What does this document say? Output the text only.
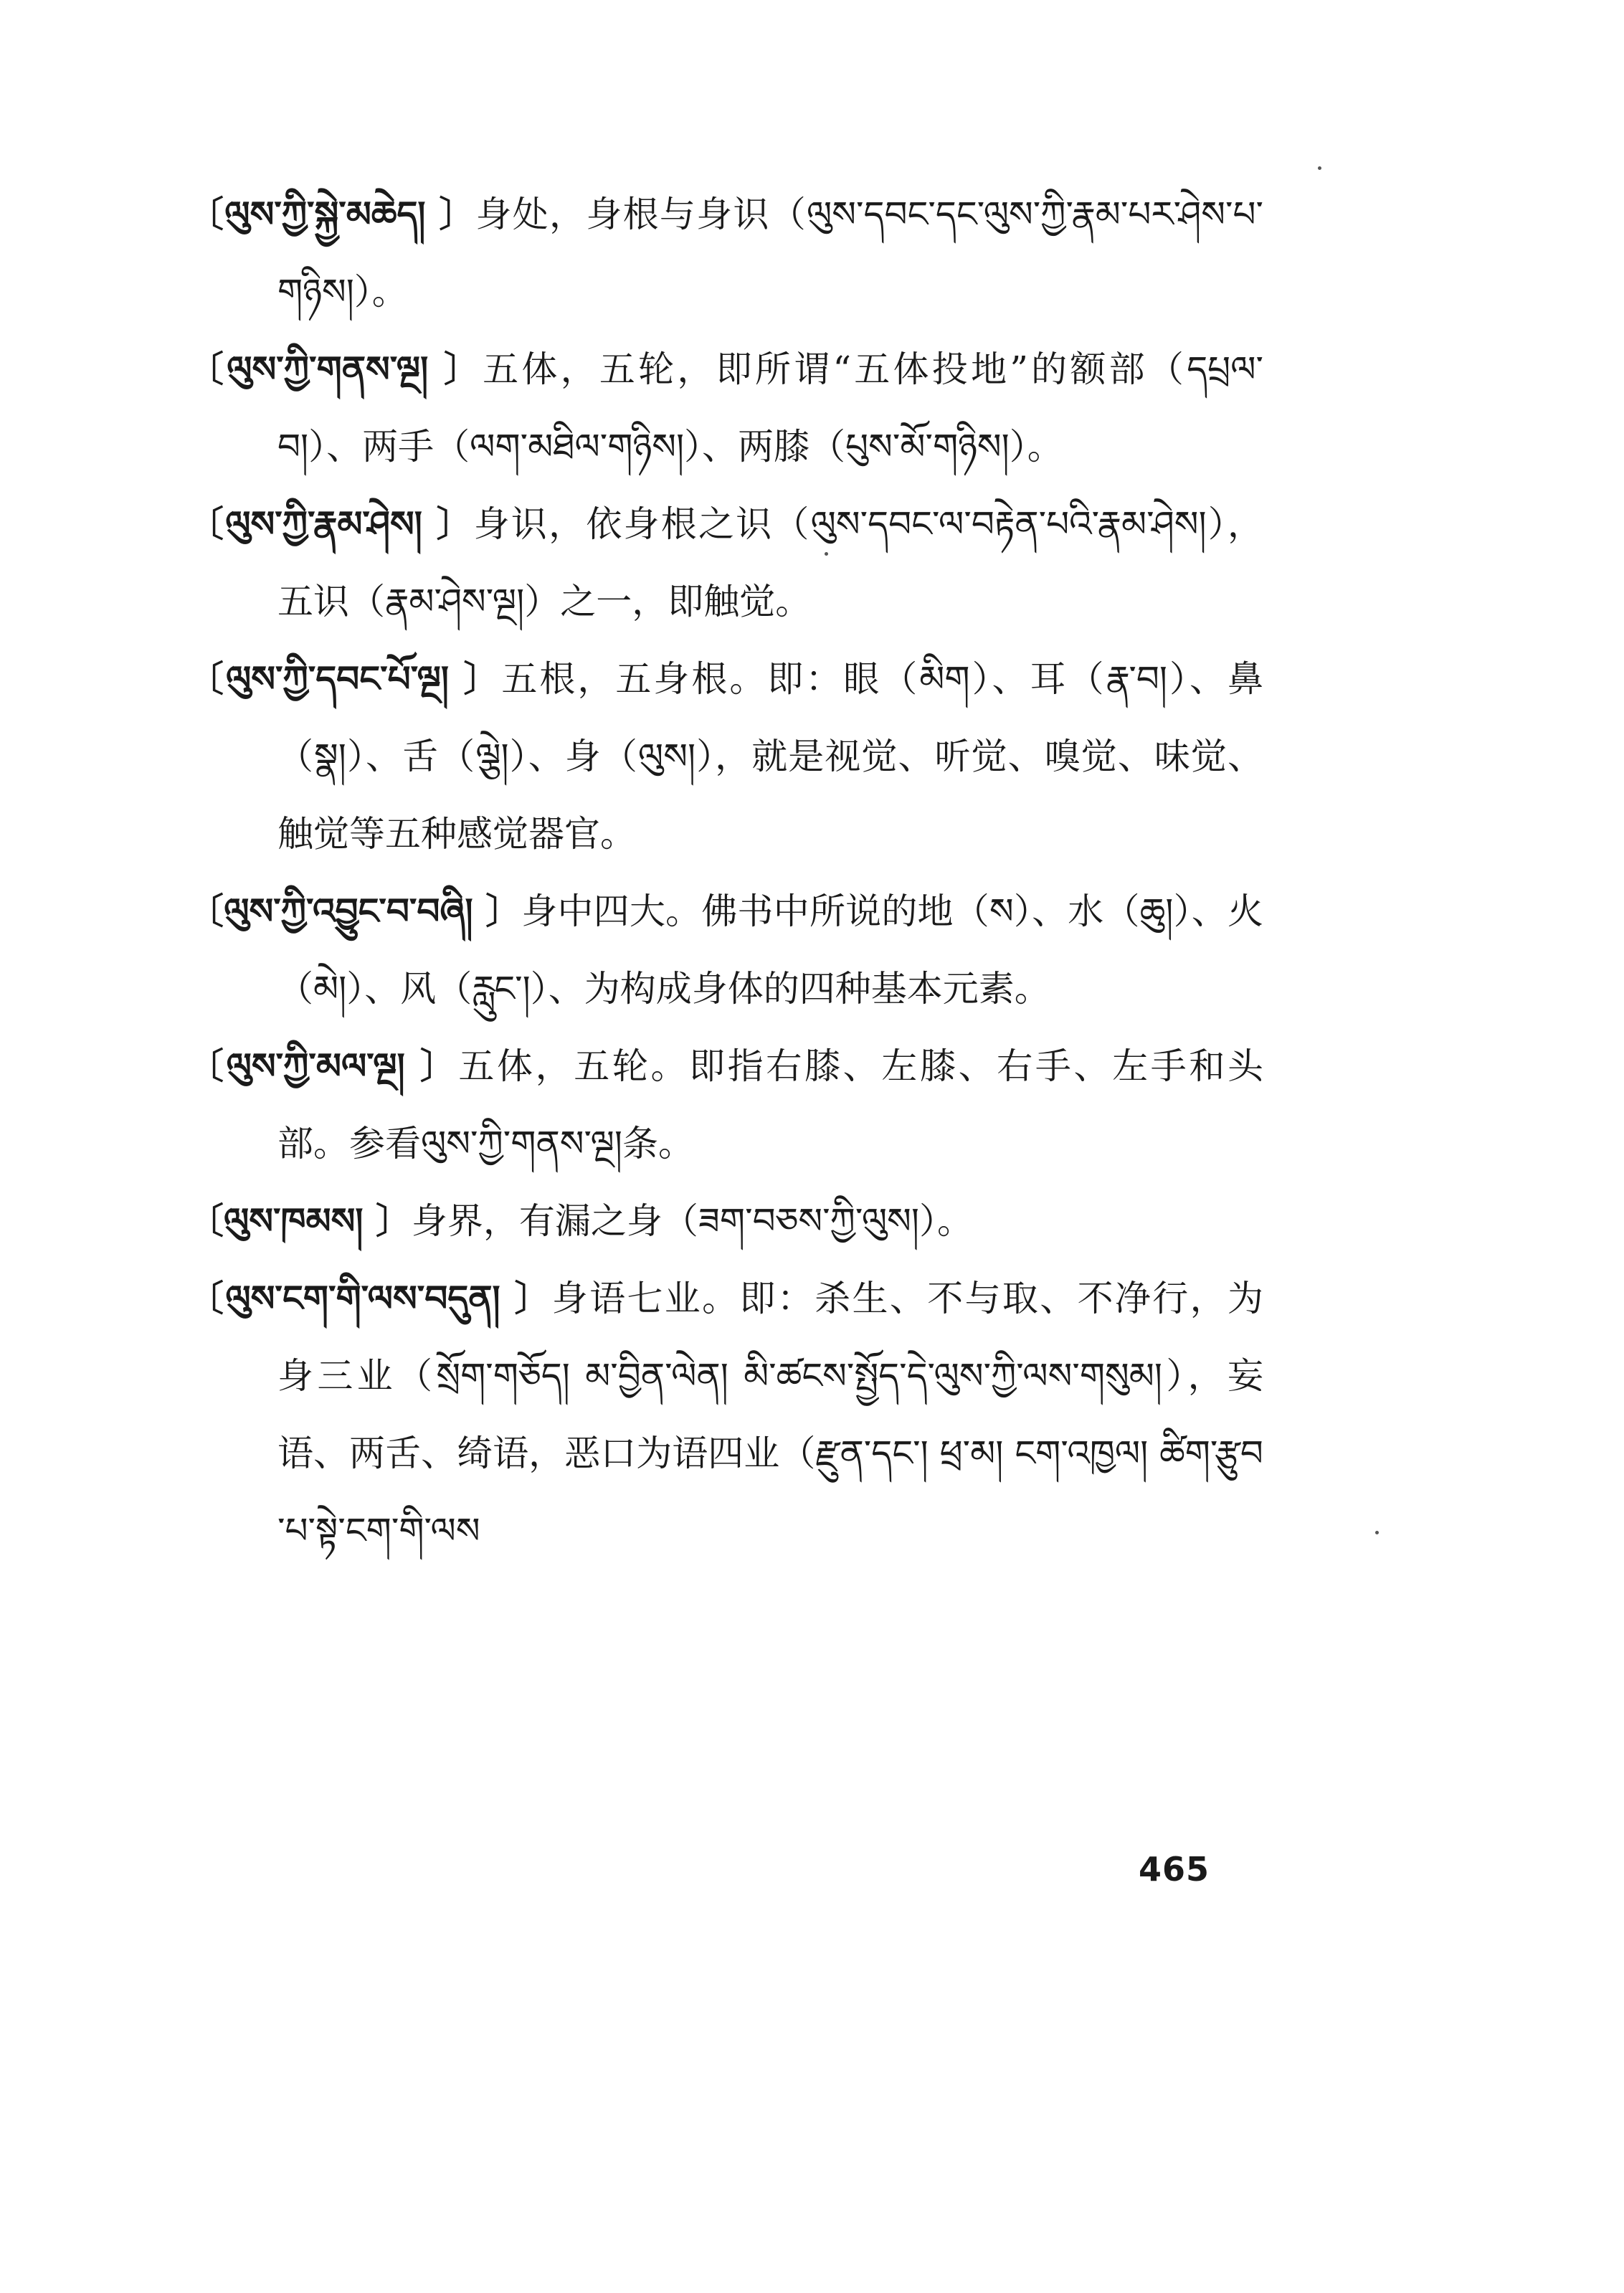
〔ལུས་ཀྱི་སྐྱེ་མཆེད། 〕身处，身根与身识（ལུས་དབང་དང་ལུས་ཀྱི་རྣམ་པར་ཤེས་པ་གཉིས།）。

〔ལུས་ཀྱི་གནས་ལྔ། 〕五体，五轮，即所谓“五体投地”的额部（དཔྲལ་བ།）、两手（ལག་མཐིལ་གཉིས།）、两膝（པུས་མོ་གཉིས།）。

〔ལུས་ཀྱི་རྣམ་ཤེས། 〕身识，依身根之识（ལུས་དབང་ལ་བརྟེན་པའི་རྣམ་ཤེས།），五识（རྣམ་ཤེས་ལྔ།）之一，即触觉。

〔ལུས་ཀྱི་དབང་པོ་ལྔ། 〕五根，五身根。即：眼（མིག）、耳（རྣ་བ།）、鼻（སྣ།）、舌（ལྕེ།）、身（ལུས།），就是视觉、听觉、嗅觉、味觉、触觉等五种感觉器官。

〔ལུས་ཀྱི་འབྱུང་བ་བཞི། 〕身中四大。佛书中所说的地（ས）、水（ཆུ།）、火（མེ།）、风（རླུང་།）、为构成身体的四种基本元素。

〔ལུས་ཀྱི་མལ་ལྔ། 〕五体，五轮。即指右膝、左膝、右手、左手和头部。参看ལུས་ཀྱི་གནས་ལྔ།条。

〔ལུས་ཁམས། 〕身界，有漏之身（ཟག་བཅས་ཀྱི་ལུས།）。

〔ལུས་ངག་གི་ལས་བདུན། 〕身语七业。即：杀生、不与取、不净行，为身三业（སྲོག་གཅོད། མ་བྱིན་ལེན། མི་ཚངས་སྤྱོད་དེ་ལུས་ཀྱི་ལས་གསུམ།），妄语、两舌、绮语，恶口为语四业（རྫུན་དང་། ཕྲ་མ། ངག་འཁྱལ། ཚིག་རྩུབ་པ་སྟེ་ངག་གི་ལས

465
